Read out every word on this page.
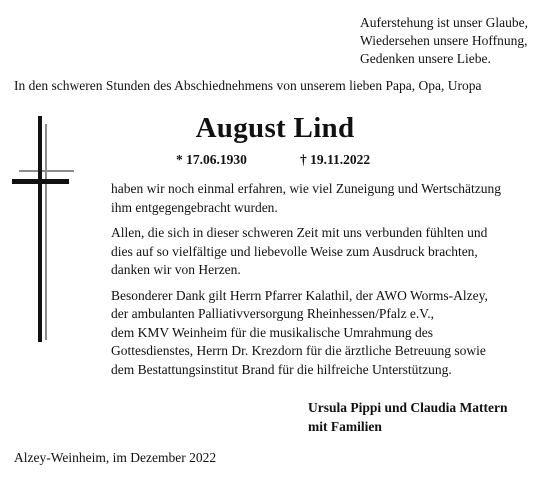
Auferstehung ist unser Glaube,
Wiedersehen unsere Hoffnung,
Gedenken unsere Liebe.
In den schweren Stunden des Abschiednehmens von unserem lieben Papa, Opa, Uropa
August Lind
* 17.06.1930	† 19.11.2022

haben wir noch einmal erfahren, wie viel Zuneigung und Wertschätzung
ihm entgegengebracht wurden.

Allen, die sich in dieser schweren Zeit mit uns verbunden fühlten und
dies auf so vielfältige und liebevolle Weise zum Ausdruck brachten,
danken wir von Herzen.

Besonderer Dank gilt Herrn Pfarrer Kalathil, der AWO Worms-Alzey,
der ambulanten Palliativversorgung Rheinhessen/Pfalz e.V.,
dem KMV Weinheim für die musikalische Umrahmung des
Gottesdienstes, Herrn Dr. Krezdorn für die ärztliche Betreuung sowie
dem Bestattungsinstitut Brand für die hilfreiche Unterstützung.

Ursula Pippi und Claudia Mattern
mit Familien
Alzey-Weinheim, im Dezember 2022
